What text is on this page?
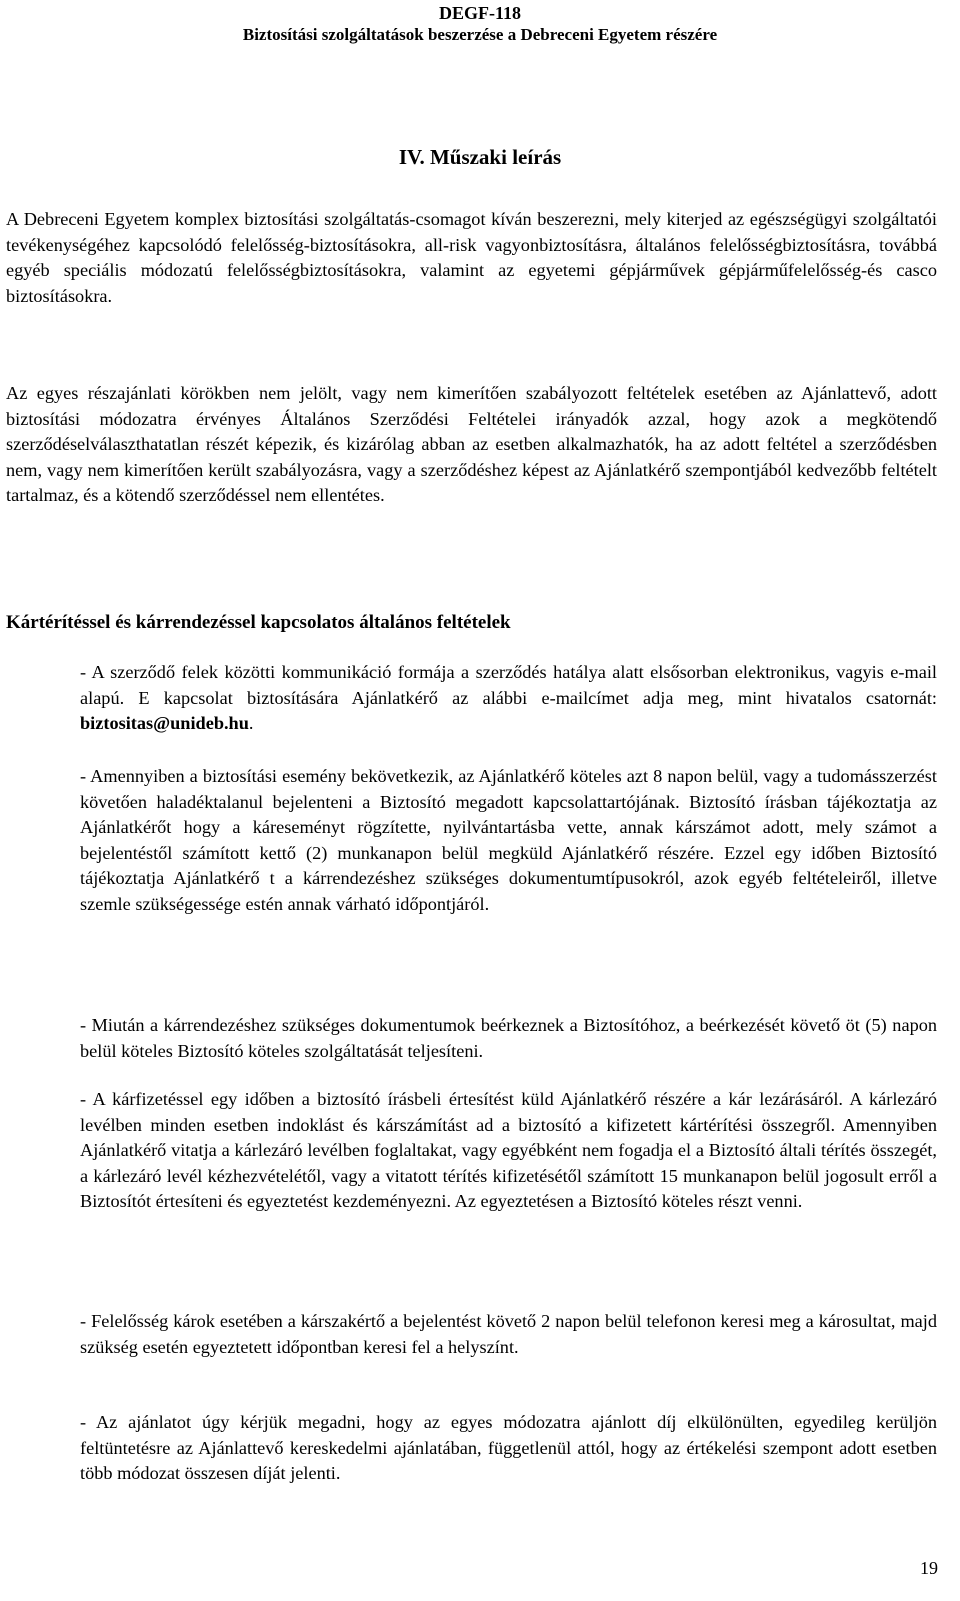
DEGF-118
Biztosítási szolgáltatások beszerzése a Debreceni Egyetem részére
IV. Műszaki leírás

A Debreceni Egyetem komplex biztosítási szolgáltatás-csomagot kíván beszerezni, mely kiterjed az egészségügyi szolgáltatói tevékenységéhez kapcsolódó felelősség-biztosításokra, all-risk vagyonbiztosításra, általános felelősségbiztosításra, továbbá egyéb speciális módozatú felelősségbiztosításokra, valamint az egyetemi gépjárművek gépjárműfelelősség-és casco biztosításokra.

Az egyes részajánlati körökben nem jelölt, vagy nem kimerítően szabályozott feltételek esetében az Ajánlattevő, adott biztosítási módozatra érvényes Általános Szerződési Feltételei irányadók azzal, hogy azok a megkötendő szerződéselválaszthatatlan részét képezik, és kizárólag abban az esetben alkalmazhatók, ha az adott feltétel a szerződésben nem, vagy nem kimerítően került szabályozásra, vagy a szerződéshez képest az Ajánlatkérő szempontjából kedvezőbb feltételt tartalmaz, és a kötendő szerződéssel nem ellentétes.

Kártérítéssel és kárrendezéssel kapcsolatos általános feltételek

- A szerződő felek közötti kommunikáció formája a szerződés hatálya alatt elsősorban elektronikus, vagyis e-mail alapú. E kapcsolat biztosítására Ajánlatkérő az alábbi e-mailcímet adja meg, mint hivatalos csatornát: biztositas@unideb.hu.

- Amennyiben a biztosítási esemény bekövetkezik, az Ajánlatkérő köteles azt 8 napon belül, vagy a tudomásszerzést követően haladéktalanul bejelenteni a Biztosító megadott kapcsolattartójának. Biztosító írásban tájékoztatja az Ajánlatkérőt hogy a káreseményt rögzítette, nyilvántartásba vette, annak kárszámot adott, mely számot a bejelentéstől számított kettő (2) munkanapon belül megküld Ajánlatkérő részére. Ezzel egy időben Biztosító tájékoztatja Ajánlatkérő t a kárrendezéshez szükséges dokumentumtípusokról, azok egyéb feltételeiről, illetve szemle szükségessége estén annak várható időpontjáról.

- Miután a kárrendezéshez szükséges dokumentumok beérkeznek a Biztosítóhoz, a beérkezését követő öt (5) napon belül köteles Biztosító köteles szolgáltatását teljesíteni.

- A kárfizetéssel egy időben a biztosító írásbeli értesítést küld Ajánlatkérő részére a kár lezárásáról. A kárlezáró levélben minden esetben indoklást és kárszámítást ad a biztosító a kifizetett kártérítési összegről. Amennyiben Ajánlatkérő vitatja a kárlezáró levélben foglaltakat, vagy egyébként nem fogadja el a Biztosító általi térítés összegét, a kárlezáró levél kézhezvételétől, vagy a vitatott térítés kifizetésétől számított 15 munkanapon belül jogosult erről a Biztosítót értesíteni és egyeztetést kezdeményezni. Az egyeztetésen a Biztosító köteles részt venni.

- Felelősség károk esetében a kárszakértő a bejelentést követő 2 napon belül telefonon keresi meg a károsultat, majd szükség esetén egyeztetett időpontban keresi fel a helyszínt.

- Az ajánlatot úgy kérjük megadni, hogy az egyes módozatra ajánlott díj elkülönülten, egyedileg kerüljön feltüntetésre az Ajánlattevő kereskedelmi ajánlatában, függetlenül attól, hogy az értékelési szempont adott esetben több módozat összesen díját jelenti.

19
